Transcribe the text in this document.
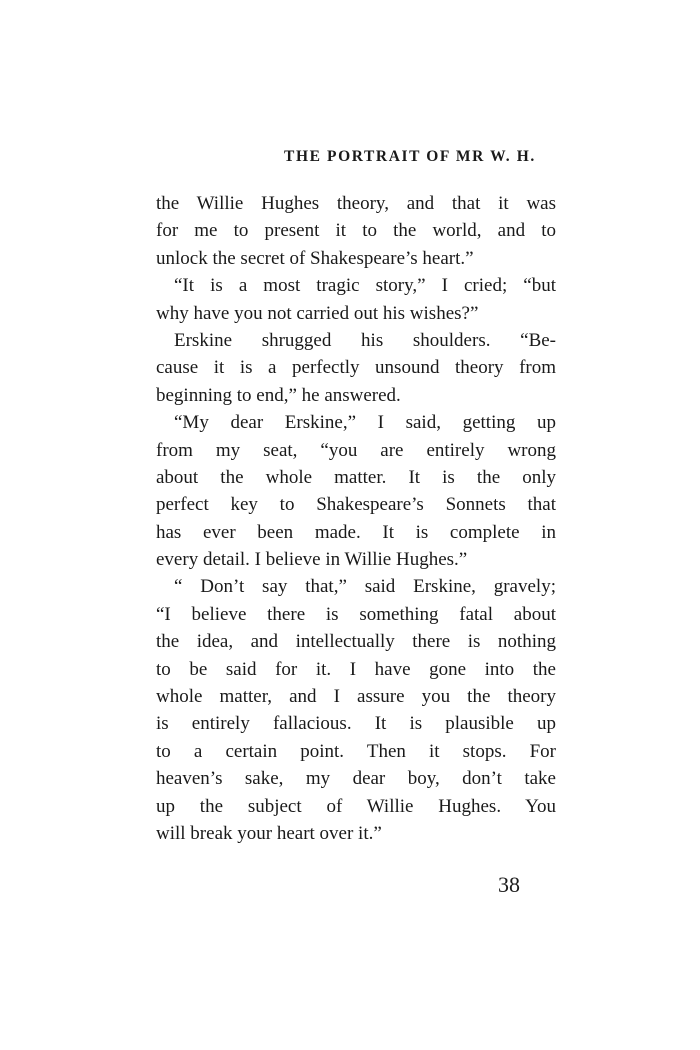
THE PORTRAIT OF MR W. H.
the Willie Hughes theory, and that it was
for me to present it to the world, and to
unlock the secret of Shakespeare’s heart.”
“It is a most tragic story,” I cried; “but
why have you not carried out his wishes?”
Erskine shrugged his shoulders. “Be-
cause it is a perfectly unsound theory from
beginning to end,” he answered.
“My dear Erskine,” I said, getting up
from my seat, “you are entirely wrong
about the whole matter. It is the only
perfect key to Shakespeare’s Sonnets that
has ever been made. It is complete in
every detail. I believe in Willie Hughes.”
“ Don’t say that,” said Erskine, gravely;
“I believe there is something fatal about
the idea, and intellectually there is nothing
to be said for it. I have gone into the
whole matter, and I assure you the theory
is entirely fallacious. It is plausible up
to a certain point. Then it stops. For
heaven’s sake, my dear boy, don’t take
up the subject of Willie Hughes. You
will break your heart over it.”
38
